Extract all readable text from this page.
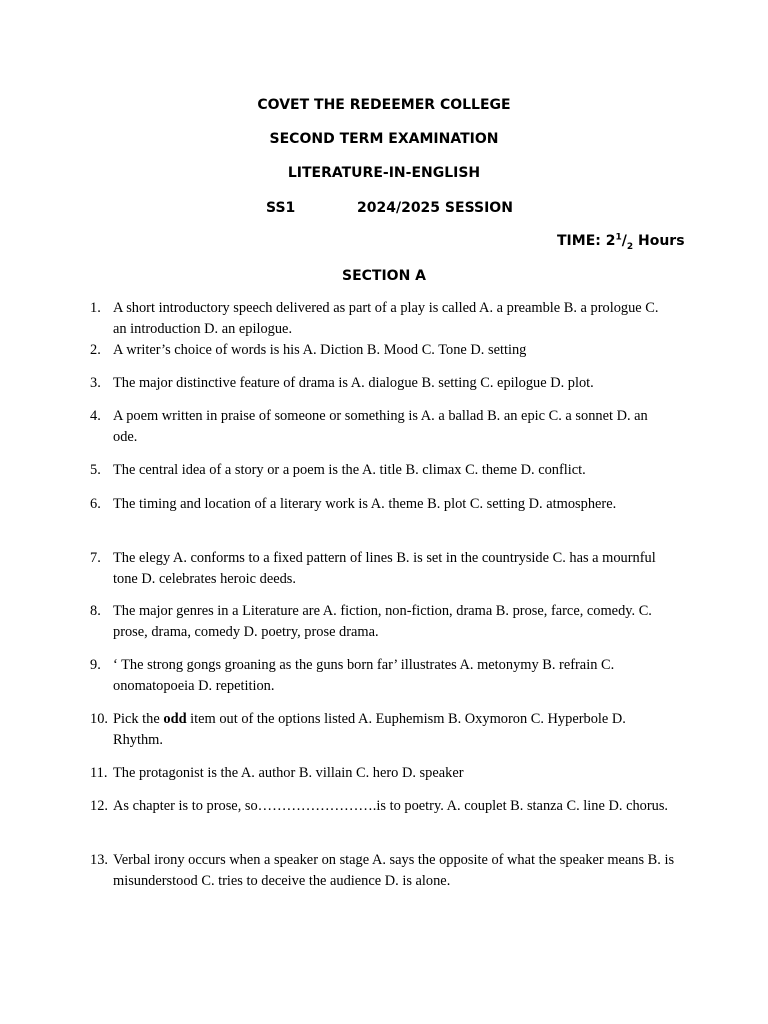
COVET THE REDEEMER COLLEGE
SECOND TERM EXAMINATION
LITERATURE-IN-ENGLISH
SS1	2024/2025 SESSION
TIME: $2^1/_2$ Hours
SECTION A
1. A short introductory speech delivered as part of a play is called A. a preamble B. a prologue C. an introduction D. an epilogue.
2. A writer’s choice of words is his A. Diction B. Mood C. Tone D. setting
3. The major distinctive feature of drama is A. dialogue B. setting C. epilogue D. plot.
4. A poem written in praise of someone or something is A. a ballad B. an epic C. a sonnet D. an ode.
5. The central idea of a story or a poem is the A. title B. climax C. theme D. conflict.
6. The timing and location of a literary work is A. theme B. plot C. setting D. atmosphere.
7. The elegy A. conforms to a fixed pattern of lines B. is set in the countryside C. has a mournful tone D. celebrates heroic deeds.
8. The major genres in a Literature are A. fiction, non-fiction, drama B. prose, farce, comedy. C. prose, drama, comedy D. poetry, prose drama.
9. ‘ The strong gongs groaning as the guns born far’ illustrates A. metonymy B. refrain C. onomatopoeia D. repetition.
10. Pick the odd item out of the options listed A. Euphemism B. Oxymoron C. Hyperbole D. Rhythm.
11. The protagonist is the A. author B. villain C. hero D. speaker
12. As chapter is to prose, so…………………….is to poetry. A. couplet B. stanza C. line D. chorus.
13. Verbal irony occurs when a speaker on stage A. says the opposite of what the speaker means B. is misunderstood C. tries to deceive the audience D. is alone.
